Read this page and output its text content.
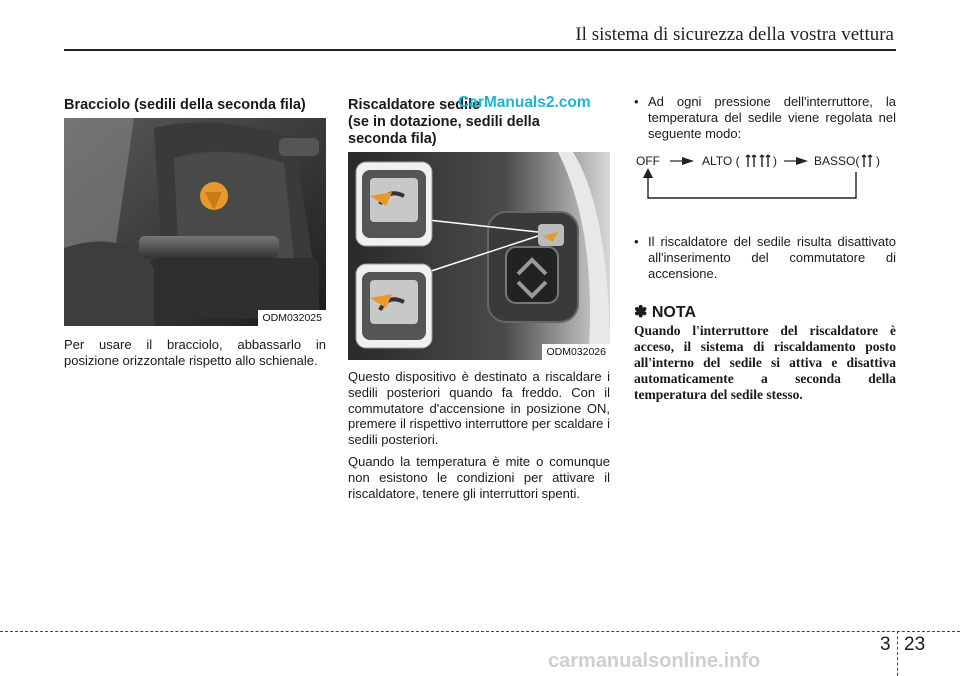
Il sistema di sicurezza della vostra vettura
Bracciolo (sedili della seconda fila)
ODM032025
Per usare il bracciolo, abbassarlo in posizione orizzontale rispetto allo schienale.
Riscaldatore sedile
(se in dotazione, sedili della
seconda fila)
CarManuals2.com
ODM032026

Questo dispositivo è destinato a riscaldare i sedili posteriori quando fa freddo. Con il commutatore d'accensione in posizione ON, premere il rispettivo interruttore per scaldare i sedili posteriori.

Quando la temperatura è mite o comunque non esistono le condizioni per attivare il riscaldatore, tenere gli interruttori spenti.

• Ad ogni pressione dell'interruttore, la temperatura del sedile viene regolata nel seguente modo:
OFF	ALTO (	)	BASSO( )
• Il riscaldatore del sedile risulta disattivato all'inserimento del commutatore di accensione.
✽ NOTA
Quando l'interruttore del riscaldatore è acceso, il sistema di riscaldamento posto all'interno del sedile si attiva e disattiva automaticamente a seconda della temperatura del sedile stesso.
3 23
carmanualsonline.info
